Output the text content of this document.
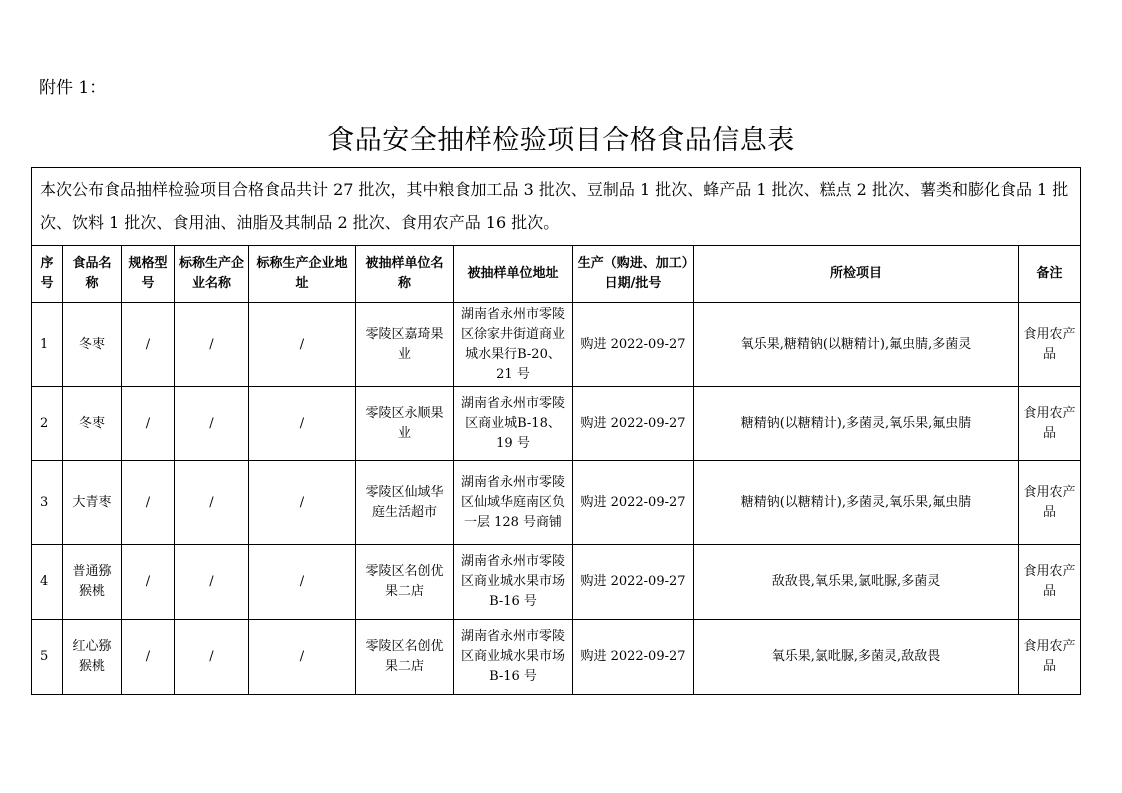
附件 1：
食品安全抽样检验项目合格食品信息表
本次公布食品抽样检验项目合格食品共计 27 批次，其中粮食加工品 3 批次、豆制品 1 批次、蜂产品 1 批次、糕点 2 批次、薯类和膨化食品 1 批次、饮料 1 批次、食用油、油脂及其制品 2 批次、食用农产品 16 批次。									
序号	食品名称	规格型号	标称生产企业名称	标称生产企业地址	被抽样单位名称	被抽样单位地址	生产（购进、加工）日期/批号	所检项目	备注
1	冬枣	/	/	/	零陵区嘉琦果业	湖南省永州市零陵区徐家井街道商业城水果行B-20、21 号	购进 2022-09-27	氧乐果,糖精钠(以糖精计),氟虫腈,多菌灵	食用农产品
2	冬枣	/	/	/	零陵区永顺果业	湖南省永州市零陵区商业城B-18、19 号	购进 2022-09-27	糖精钠(以糖精计),多菌灵,氧乐果,氟虫腈	食用农产品
3	大青枣	/	/	/	零陵区仙域华庭生活超市	湖南省永州市零陵区仙域华庭南区负一层 128 号商铺	购进 2022-09-27	糖精钠(以糖精计),多菌灵,氧乐果,氟虫腈	食用农产品
4	普通猕猴桃	/	/	/	零陵区名创优果二店	湖南省永州市零陵区商业城水果市场 B-16 号	购进 2022-09-27	敌敌畏,氧乐果,氯吡脲,多菌灵	食用农产品
5	红心猕猴桃	/	/	/	零陵区名创优果二店	湖南省永州市零陵区商业城水果市场 B-16 号	购进 2022-09-27	氧乐果,氯吡脲,多菌灵,敌敌畏	食用农产品
